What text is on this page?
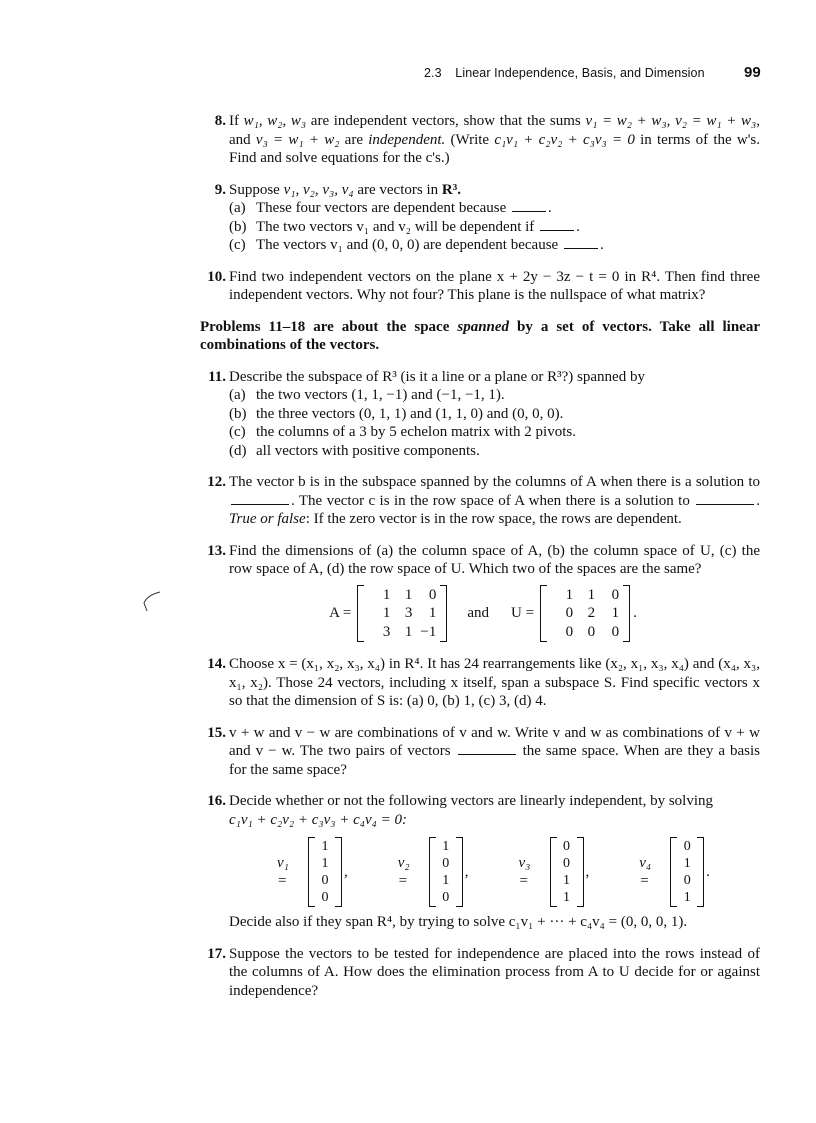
2.3 Linear Independence, Basis, and Dimension	99
8. If w₁, w₂, w₃ are independent vectors, show that the sums v₁ = w₂ + w₃, v₂ = w₁ + w₃, and v₃ = w₁ + w₂ are independent. (Write c₁v₁ + c₂v₂ + c₃v₃ = 0 in terms of the w's. Find and solve equations for the c's.)

9. Suppose v₁, v₂, v₃, v₄ are vectors in R³.

(a) These four vectors are dependent because	.
(b) The two vectors v₁ and v₂ will be dependent if	.
(c) The vectors v₁ and (0, 0, 0) are dependent because	.
10. Find two independent vectors on the plane x + 2y − 3z − t = 0 in R⁴. Then find three independent vectors. Why not four? This plane is the nullspace of what matrix?

Problems 11–18 are about the space spanned by a set of vectors. Take all linear combinations of the vectors.

11. Describe the subspace of R³ (is it a line or a plane or R³?) spanned by

(a) the two vectors (1, 1, −1) and (−1, −1, 1).
(b) the three vectors (0, 1, 1) and (1, 1, 0) and (0, 0, 0).
(c) the columns of a 3 by 5 echelon matrix with 2 pivots.
(d) all vectors with positive components.
12. The vector b is in the subspace spanned by the columns of A when there is a solution to . The vector c is in the row space of A when there is a solution to	. True or false: If the zero vector is in the row space, the rows are dependent.

13. Find the dimensions of (a) the column space of A, (b) the column space of U, (c) the row space of A, (d) the row space of U. Which two of the spaces are the same?

A =
1 1	0
1 3	1
3 1 −1
and U =
1 1	0
0 2	1
0 0	0
.
14. Choose x = (x₁, x₂, x₃, x₄) in R⁴. It has 24 rearrangements like (x₂, x₁, x₃, x₄) and (x₄, x₃, x₁, x₂). Those 24 vectors, including x itself, span a subspace S. Find specific vectors x so that the dimension of S is: (a) 0, (b) 1, (c) 3, (d) 4.

15. v + w and v − w are combinations of v and w. Write v and w as combinations of v + w and v − w. The two pairs of vectors	the same space. When are they a basis for the same space?

16. Decide whether or not the following vectors are linearly independent, by solving
c₁v₁ + c₂v₂ + c₃v₃ + c₄v₄ = 0:

v₁ =
1
1
0
0
,
v₂ =
1
0
1
0
,
v₃ =
0
0
1
1
,
v₄ =
0
1
0
1
.

Decide also if they span R⁴, by trying to solve c₁v₁ + ··· + c₄v₄ = (0, 0, 0, 1).

17. Suppose the vectors to be tested for independence are placed into the rows instead of the columns of A. How does the elimination process from A to U decide for or against independence?
